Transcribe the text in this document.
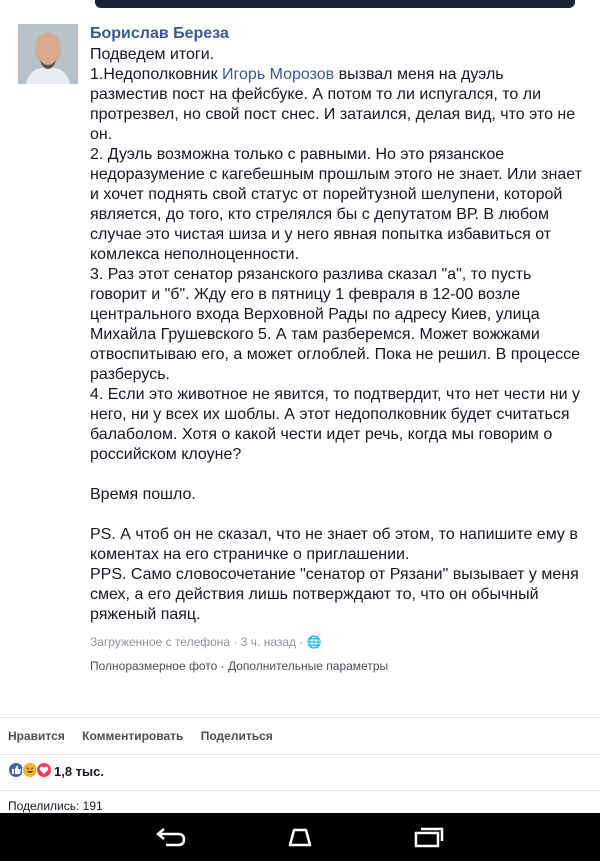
Борислав Береза

Подведем итоги.

1.Недополковник Игорь Морозов вызвал меня на дуэль разместив пост на фейсбуке. А потом то ли испугался, то ли протрезвел, но свой пост снес. И затаился, делая вид, что это не он.

2. Дуэль возможна только с равными. Но это рязанское недоразумение с кагебешным прошлым этого не знает. Или знает и хочет поднять свой статус от порейтузной шелупени, которой является, до того, кто стрелялся бы с депутатом ВР. В любом случае это чистая шиза и у него явная попытка избавиться от комлекса неполноценности.

3. Раз этот сенатор рязанского разлива сказал "а", то пусть говорит и "б". Жду его в пятницу 1 февраля в 12-00 возле центрального входа Верховной Рады по адресу Киев, улица Михайла Грушевского 5. А там разберемся. Может вожжами отвоспитываю его, а может оглоблей. Пока не решил. В процессе разберусь.

4. Если это животное не явится, то подтвердит, что нет чести ни у него, ни у всех их шоблы. А этот недополковник будет считаться балаболом. Хотя о какой чести идет речь, когда мы говорим о российском клоуне?

Время пошло.

PS. А чтоб он не сказал, что не знает об этом, то напишите ему в коментах на его страничке о приглашении.

PPS. Само словосочетание "сенатор от Рязани" вызывает у меня смех, а его действия лишь потверждают то, что он обычный ряженый паяц.

Загруженное с телефона · 3 ч. назад · 🌐
Полноразмерное фото · Дополнительные параметры
Нравится Комментировать Поделиться
1,8 тыс.
Поделились: 191
